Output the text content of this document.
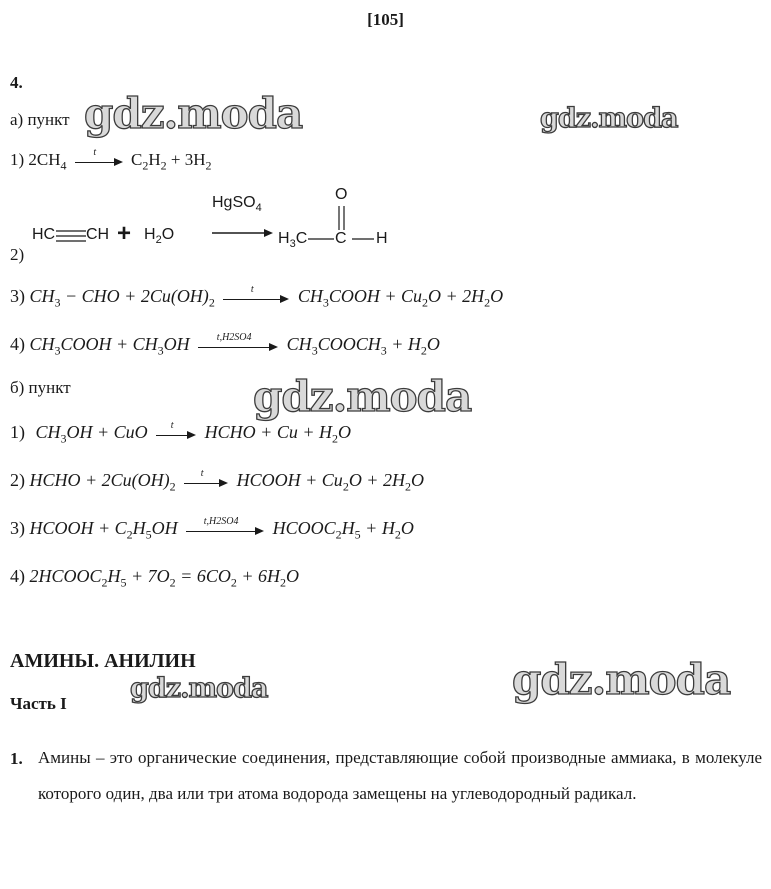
[105]
4.
а) пункт
1) $2CH_4$
t	$C_2H_2 + 3H_2$
2)
HC CH + $H_2O$
HgSO$_4$
$H_3C$
O
C H
3) $CH_3$ − CHO + $2Cu(OH)_2$
t	$CH_3COOH + Cu_2O + 2H_2O$
4) $CH_3COOH + CH_3OH$	t,H2SO4	$CH_3COOCH_3 + H_2O$
б) пункт
1) $CH_3OH$ + CuO	t	HCHO + $Cu + H_2O$
2) HCHO + $2Cu(OH)_2$
t	HCOOH + $Cu_2O + 2H_2O$
3) HCOOH + $C_2H_5OH$	t,H2SO4	$HCOOC_2H_5 + H_2O$
4) $2HCOOC_2H_5 + 7O_2 = 6CO_2 + 6H_2O$
АМИНЫ. АНИЛИН
Часть I
1. Амины – это органические соединения, представляющие собой производные аммиака, в молекуле которого один, два или три атома водорода замещены на углеводородный радикал.
gdz.moda	gdz.moda
gdz.moda
gdz.moda	gdz.moda
